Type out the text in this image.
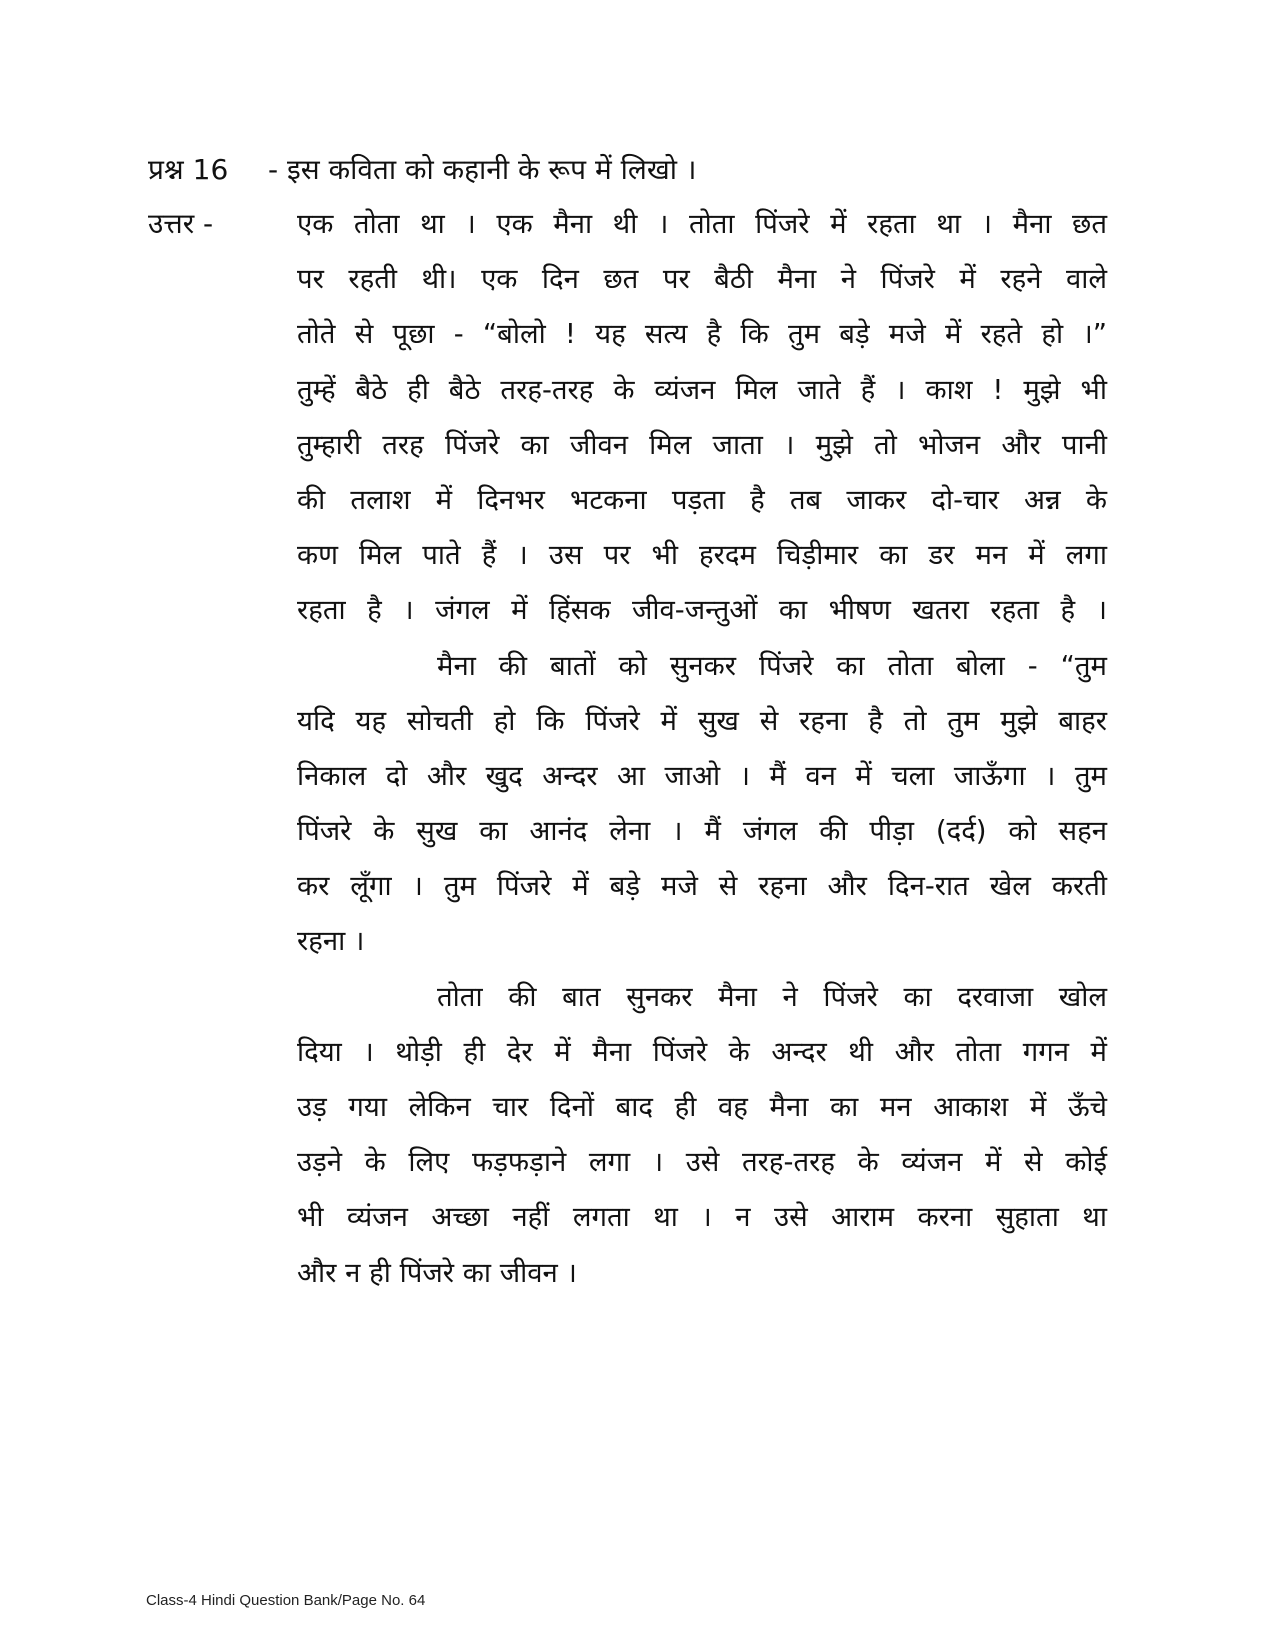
प्रश्न 16 - इस कविता को कहानी के रूप में लिखो ।
उत्तर -	एक तोता था । एक मैना थी । तोता पिंजरे में रहता था । मैना छत
पर रहती थी। एक दिन छत पर बैठी मैना ने पिंजरे में रहने वाले
तोते से पूछा - “बोलो ! यह सत्य है कि तुम बड़े मजे में रहते हो ।”
तुम्हें बैठे ही बैठे तरह-तरह के व्यंजन मिल जाते हैं । काश ! मुझे भी
तुम्हारी तरह पिंजरे का जीवन मिल जाता । मुझे तो भोजन और पानी
की तलाश में दिनभर भटकना पड़ता है तब जाकर दो-चार अन्न के
कण मिल पाते हैं । उस पर भी हरदम चिड़ीमार का डर मन में लगा
रहता है । जंगल में हिंसक जीव-जन्तुओं का भीषण खतरा रहता है ।
मैना की बातों को सुनकर पिंजरे का तोता बोला - “तुम
यदि यह सोचती हो कि पिंजरे में सुख से रहना है तो तुम मुझे बाहर
निकाल दो और खुद अन्दर आ जाओ । मैं वन में चला जाऊँगा । तुम
पिंजरे के सुख का आनंद लेना । मैं जंगल की पीड़ा (दर्द) को सहन
कर लूँगा । तुम पिंजरे में बड़े मजे से रहना और दिन-रात खेल करती
रहना ।
तोता की बात सुनकर मैना ने पिंजरे का दरवाजा खोल
दिया । थोड़ी ही देर में मैना पिंजरे के अन्दर थी और तोता गगन में
उड़ गया लेकिन चार दिनों बाद ही वह मैना का मन आकाश में ऊँचे
उड़ने के लिए फड़फड़ाने लगा । उसे तरह-तरह के व्यंजन में से कोई
भी व्यंजन अच्छा नहीं लगता था । न उसे आराम करना सुहाता था
और न ही पिंजरे का जीवन ।
Class-4 Hindi Question Bank/Page No. 64
